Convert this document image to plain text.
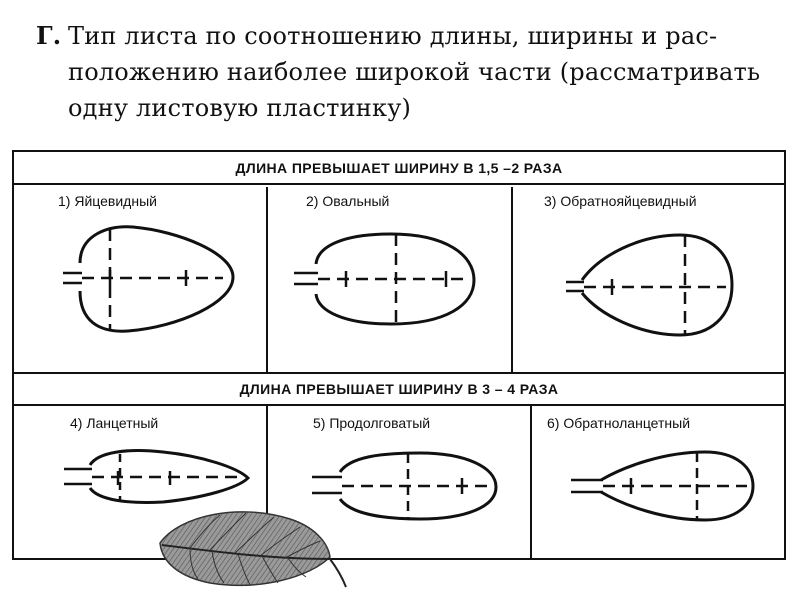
Г. Тип листа по соотношению длины, ширины и рас-
положению наиболее широкой части (рассматривать
одну листовую пластинку)
ДЛИНА ПРЕВЫШАЕТ ШИРИНУ В 1,5 –2 РАЗА
1) Яйцевидный	2) Овальный	3) Обратнояйцевидный
ДЛИНА ПРЕВЫШАЕТ ШИРИНУ В 3 – 4 РАЗА
4) Ланцетный	5) Продолговатый	6) Обратноланцетный
